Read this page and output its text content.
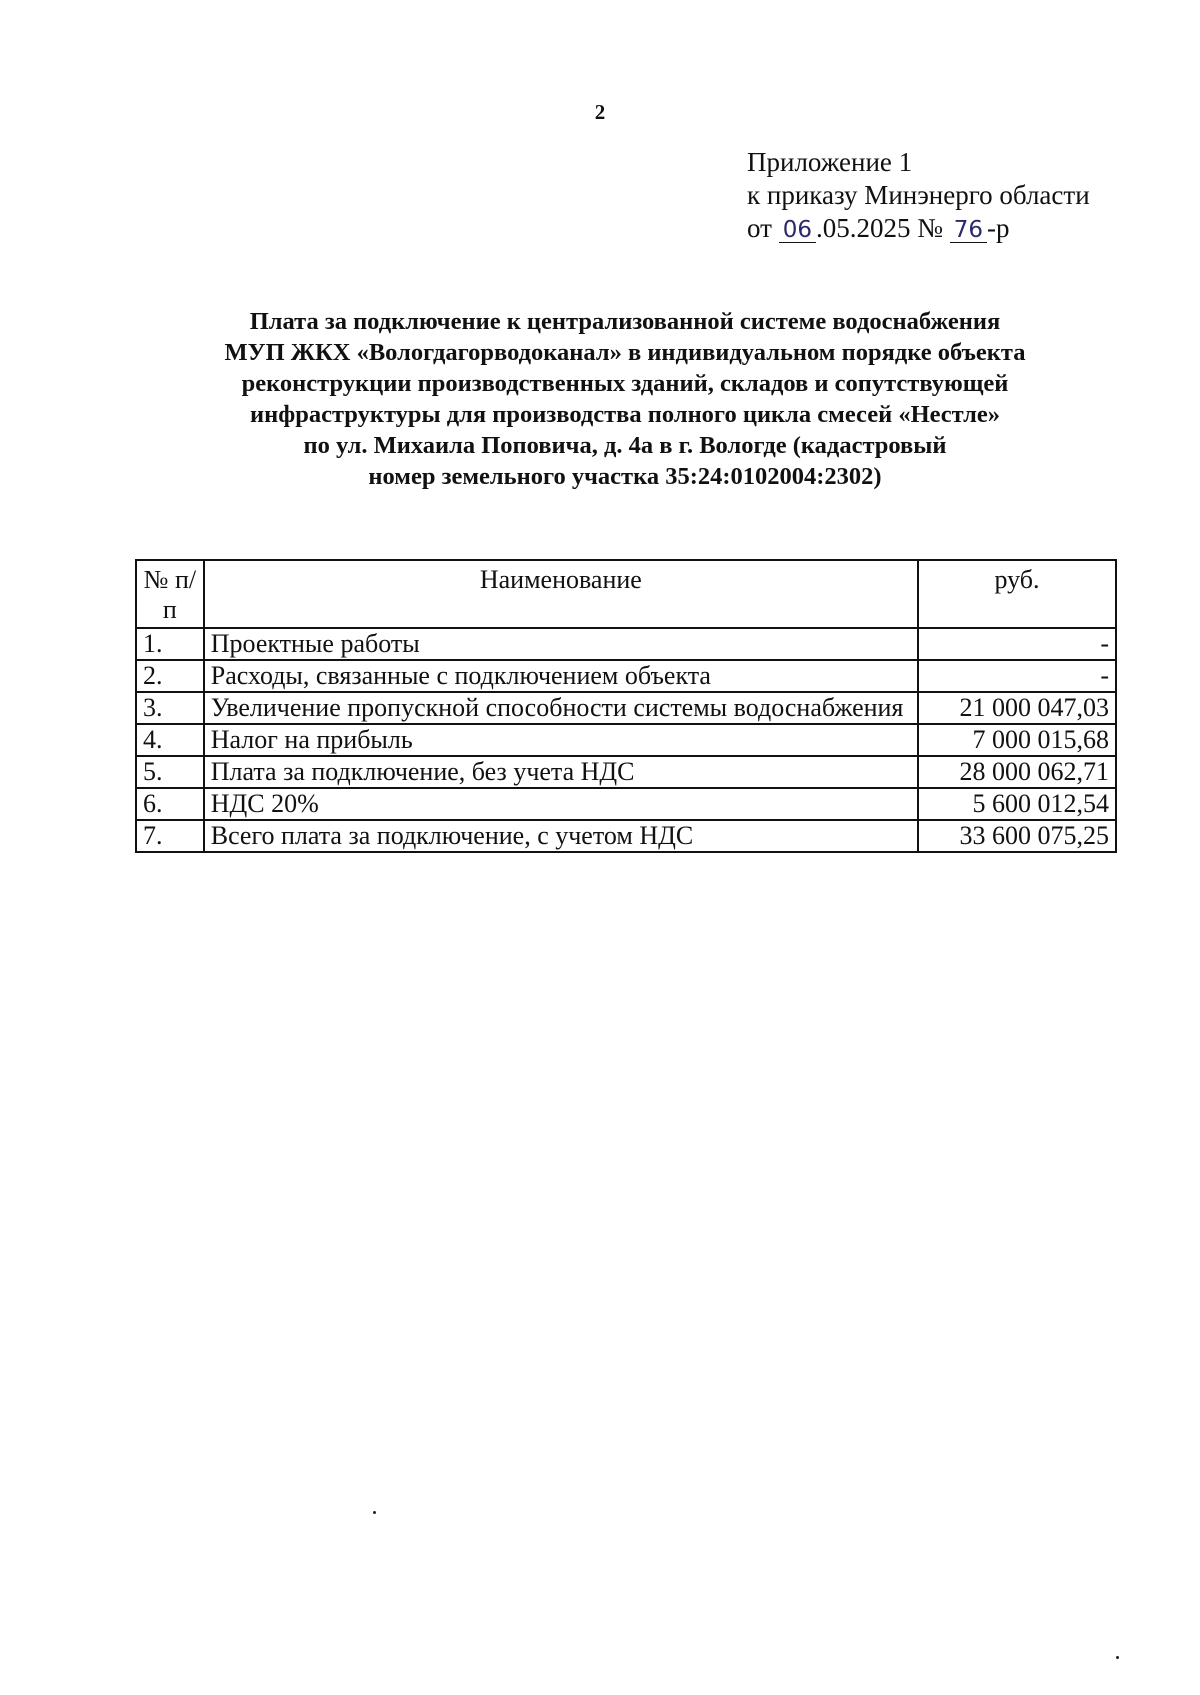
2
Приложение 1
к приказу Минэнерго области
от 06 .05.2025 № 76 -р
Плата за подключение к централизованной системе водоснабжения
МУП ЖКХ «Вологдагорводоканал» в индивидуальном порядке объекта
реконструкции производственных зданий, складов и сопутствующей
инфраструктуры для производства полного цикла смесей «Нестле»
по ул. Михаила Поповича, д. 4а в г. Вологде (кадастровый
номер земельного участка 35:24:0102004:2302)
№ п/п	Наименование	руб.
1.	Проектные работы	-
2.	Расходы, связанные с подключением объекта	-
3.	Увеличение пропускной способности системы водоснабжения	21 000 047,03
4.	Налог на прибыль	7 000 015,68
5.	Плата за подключение, без учета НДС	28 000 062,71
6.	НДС 20%	5 600 012,54
7.	Всего плата за подключение, с учетом НДС	33 600 075,25
